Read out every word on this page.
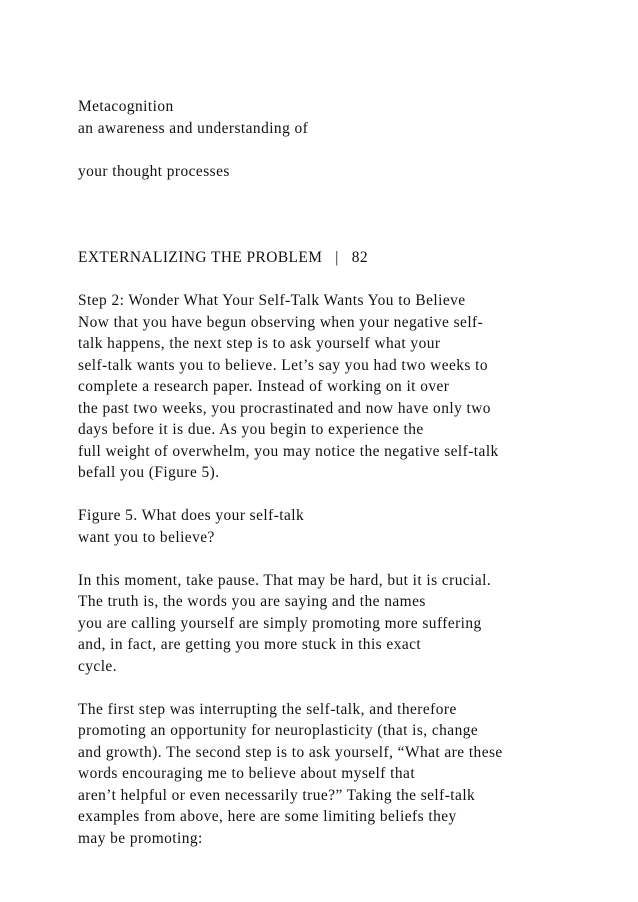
Metacognition

an awareness and understanding of

your thought processes

EXTERNALIZING THE PROBLEM   |   82

Step 2: Wonder What Your Self-Talk Wants You to Believe

Now that you have begun observing when your negative self-

talk happens, the next step is to ask yourself what your

self-talk wants you to believe. Let’s say you had two weeks to

complete a research paper. Instead of working on it over

the past two weeks, you procrastinated and now have only two

days before it is due. As you begin to experience the

full weight of overwhelm, you may notice the negative self-talk

befall you (Figure 5).

Figure 5. What does your self-talk

want you to believe?

In this moment, take pause. That may be hard, but it is crucial.

The truth is, the words you are saying and the names

you are calling yourself are simply promoting more suffering

and, in fact, are getting you more stuck in this exact

cycle.

The first step was interrupting the self-talk, and therefore

promoting an opportunity for neuroplasticity (that is, change

and growth). The second step is to ask yourself, “What are these

words encouraging me to believe about myself that

aren’t helpful or even necessarily true?” Taking the self-talk

examples from above, here are some limiting beliefs they

may be promoting:
